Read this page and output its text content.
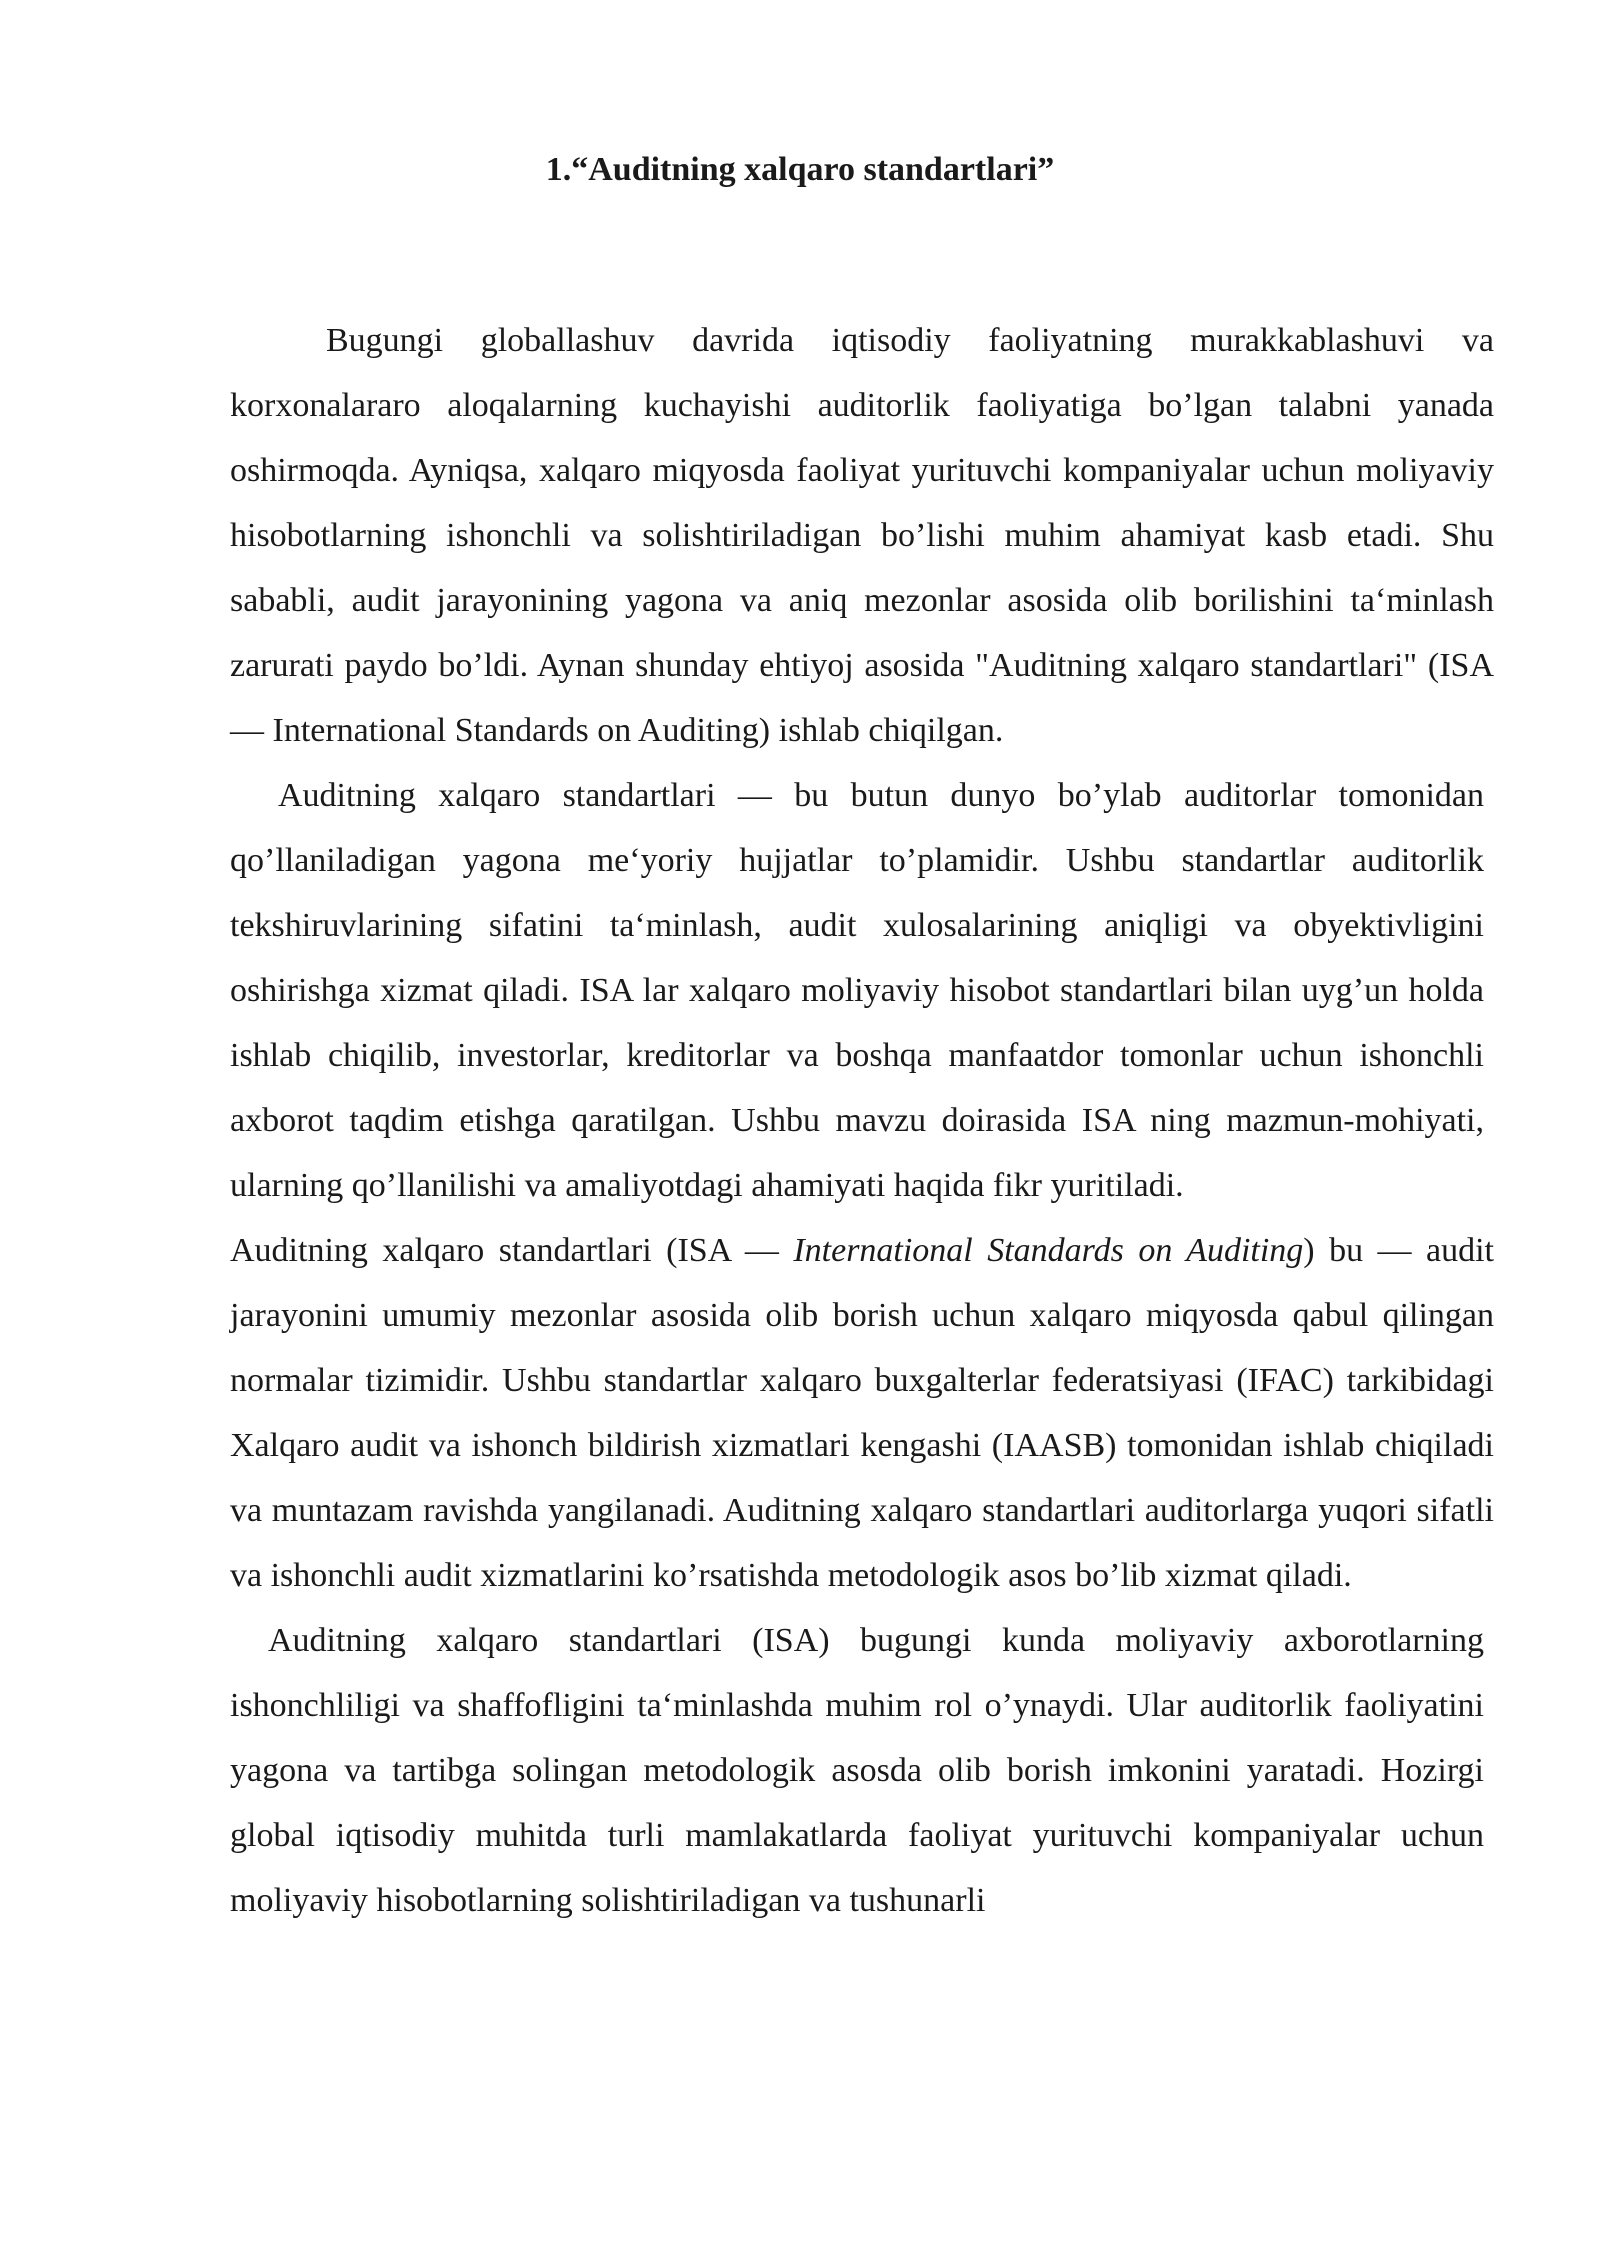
1.“Auditning xalqaro standartlari”

Bugungi globallashuv davrida iqtisodiy faoliyatning murakkablashuvi va korxonalararo aloqalarning kuchayishi auditorlik faoliyatiga bo’lgan talabni yanada oshirmoqda. Ayniqsa, xalqaro miqyosda faoliyat yurituvchi kompaniyalar uchun moliyaviy hisobotlarning ishonchli va solishtiriladigan bo’lishi muhim ahamiyat kasb etadi. Shu sababli, audit jarayonining yagona va aniq mezonlar asosida olib borilishini ta‘minlash zarurati paydo bo’ldi. Aynan shunday ehtiyoj asosida "Auditning xalqaro standartlari" (ISA — International Standards on Auditing) ishlab chiqilgan.

Auditning xalqaro standartlari — bu butun dunyo bo’ylab auditorlar tomonidan qo’llaniladigan yagona me‘yoriy hujjatlar to’plamidir. Ushbu standartlar auditorlik tekshiruvlarining sifatini ta‘minlash, audit xulosalarining aniqligi va obyektivligini oshirishga xizmat qiladi. ISA lar xalqaro moliyaviy hisobot standartlari bilan uyg’un holda ishlab chiqilib, investorlar, kreditorlar va boshqa manfaatdor tomonlar uchun ishonchli axborot taqdim etishga qaratilgan. Ushbu mavzu doirasida ISA ning mazmun-mohiyati, ularning qo’llanilishi va amaliyotdagi ahamiyati haqida fikr yuritiladi.

Auditning xalqaro standartlari (ISA — International Standards on Auditing) bu — audit jarayonini umumiy mezonlar asosida olib borish uchun xalqaro miqyosda qabul qilingan normalar tizimidir. Ushbu standartlar xalqaro buxgalterlar federatsiyasi (IFAC) tarkibidagi Xalqaro audit va ishonch bildirish xizmatlari kengashi (IAASB) tomonidan ishlab chiqiladi va muntazam ravishda yangilanadi. Auditning xalqaro standartlari auditorlarga yuqori sifatli va ishonchli audit xizmatlarini ko’rsatishda metodologik asos bo’lib xizmat qiladi.

Auditning xalqaro standartlari (ISA) bugungi kunda moliyaviy axborotlarning ishonchliligi va shaffofligini ta‘minlashda muhim rol o’ynaydi. Ular auditorlik faoliyatini yagona va tartibga solingan metodologik asosda olib borish imkonini yaratadi. Hozirgi global iqtisodiy muhitda turli mamlakatlarda faoliyat yurituvchi kompaniyalar uchun moliyaviy hisobotlarning solishtiriladigan va tushunarli
